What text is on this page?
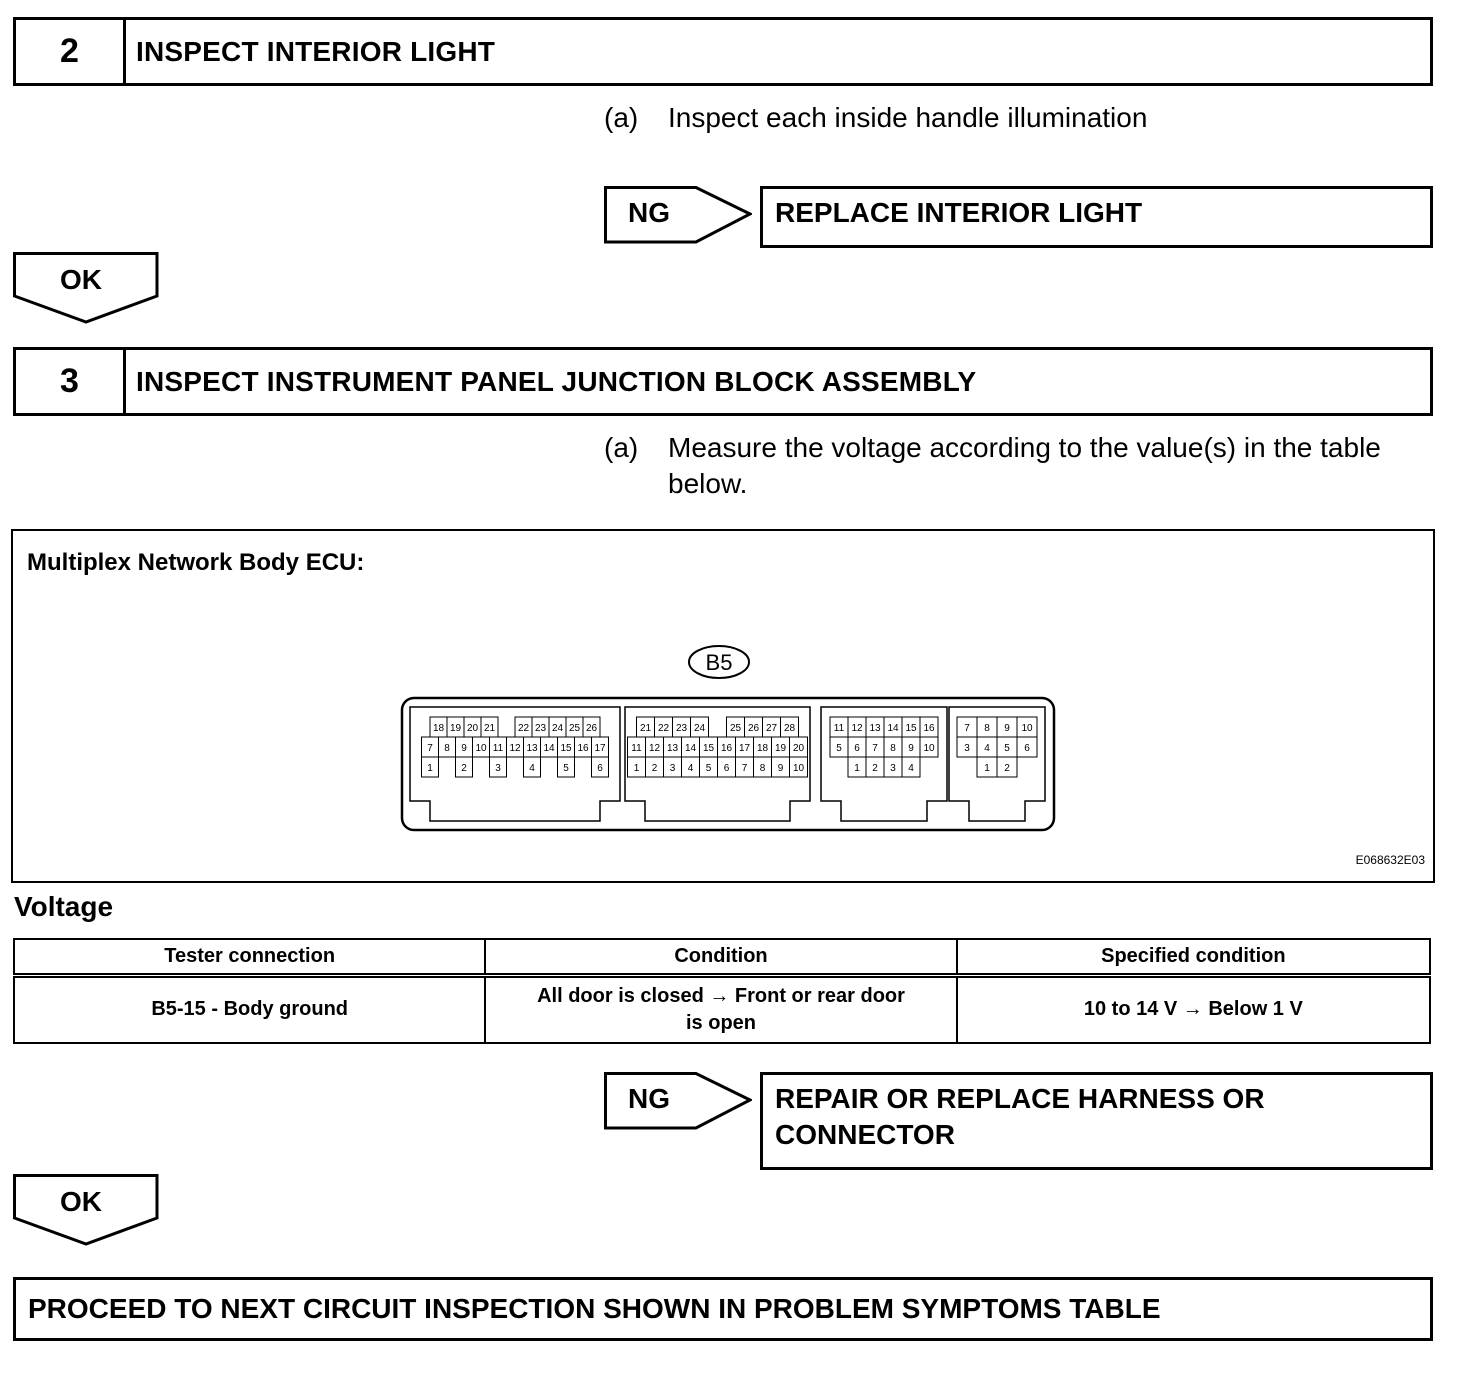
2	INSPECT INTERIOR LIGHT
(a)	Inspect each inside handle illumination
NG	REPLACE INTERIOR LIGHT
OK
3	INSPECT INSTRUMENT PANEL JUNCTION BLOCK ASSEMBLY
(a)	Measure the voltage according to the value(s) in the table below.
Multiplex Network Body ECU:
B5
18 19 20 21 22 23 24 25 26
7 8 9 10 11 12 13 14 15 16 17
1	2	3	4	5	6
21 22 23 24 25 26 27 28
11 12 13 14 15 16 17 18 19 20
1 2 3 4 5 6 7 8 9 10
11 12 13 14 15 16
5 6 7 8 9 10
1 2 3 4
7 8 9 10
3 4 5 6
1 2
E068632E03
Voltage
Tester connection	Condition	Specified condition
B5-15 - Body ground	All door is closed → Front or rear door is open	10 to 14 V → Below 1 V
NG	REPAIR OR REPLACE HARNESS OR CONNECTOR
OK
PROCEED TO NEXT CIRCUIT INSPECTION SHOWN IN PROBLEM SYMPTOMS TABLE
